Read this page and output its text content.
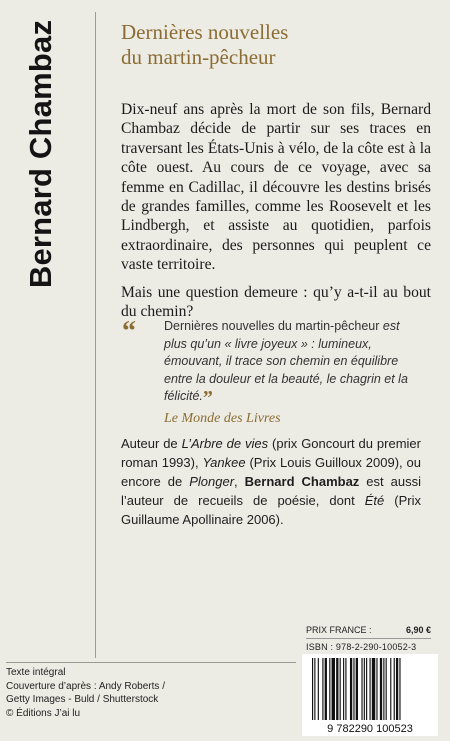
Bernard Chambaz	Dernières nouvelles
du martin-pêcheur

Dix-neuf ans après la mort de son fils, Bernard Chambaz décide de partir sur ses traces en traversant les États-Unis à vélo, de la côte est à la côte ouest. Au cours de ce voyage, avec sa femme en Cadillac, il découvre les destins brisés de grandes familles, comme les Roosevelt et les Lindbergh, et assiste au quotidien, parfois extraordinaire, des personnes qui peuplent ce vaste territoire.

Mais une question demeure : qu’y a-t-il au bout du chemin?

“	Dernières nouvelles du martin-pêcheur est plus qu’un « livre joyeux » : lumineux, émouvant, il trace son chemin en équilibre entre la douleur et la beauté, le chagrin et la félicité.”
Le Monde des Livres
Auteur de L’Arbre de vies (prix Goncourt du premier roman 1993), Yankee (Prix Louis Guilloux 2009), ou encore de Plonger, Bernard Chambaz est aussi l’auteur de recueils de poésie, dont Été (Prix Guillaume Apollinaire 2006).
PRIX FRANCE :	6,90 €
ISBN : 978-2-290-10052-3
9 782290 100523
Texte intégral
Couverture d’après : Andy Roberts /
Getty Images - Buld / Shutterstock
© Éditions J’ai lu
